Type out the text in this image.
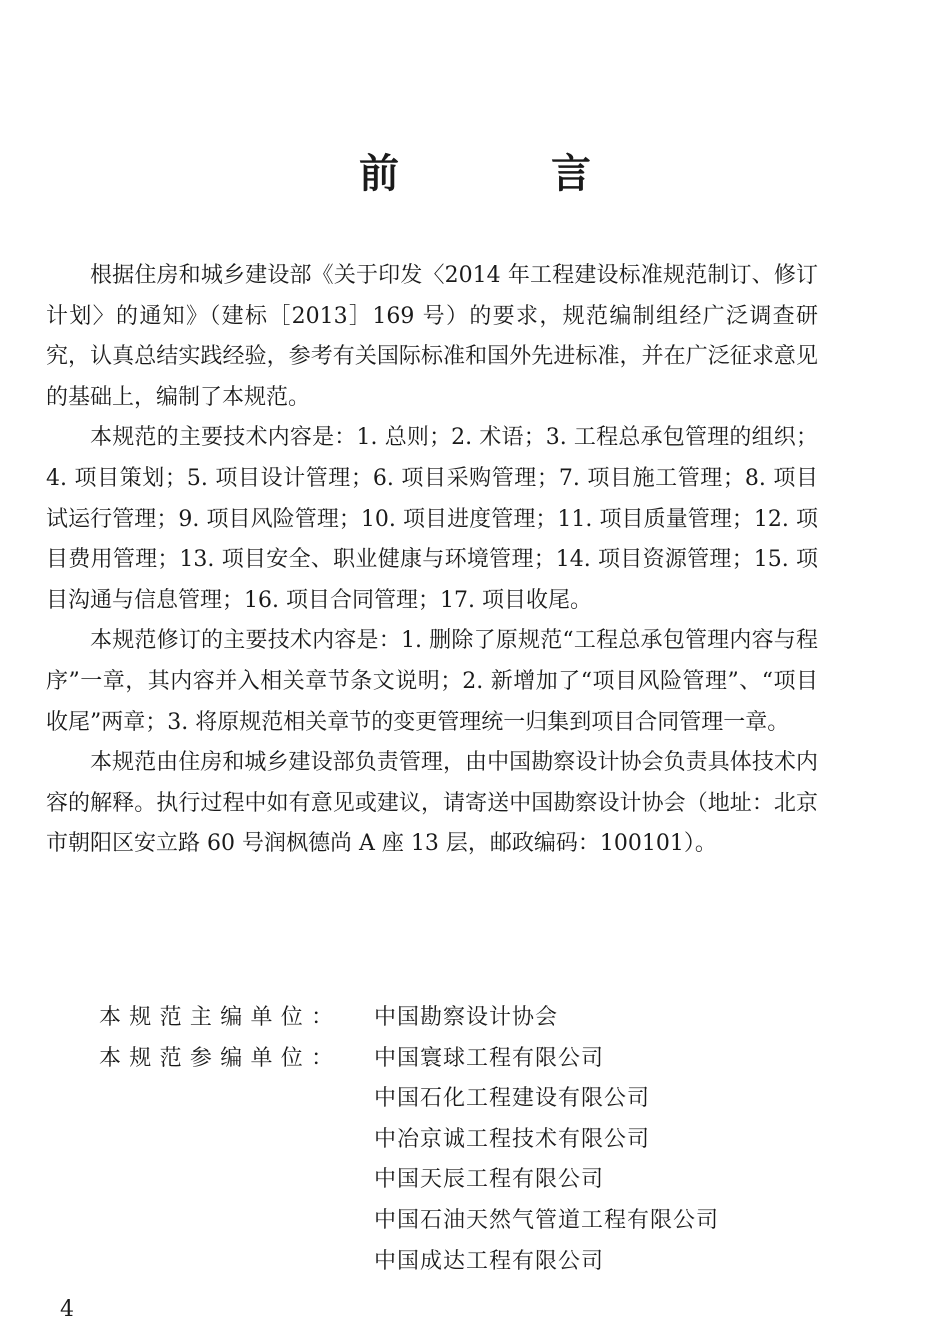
前　言

根据住房和城乡建设部《关于印发〈2014 年工程建设标准规范制订、修订计划〉的通知》（建标［2013］169 号）的要求，规范编制组经广泛调查研究，认真总结实践经验，参考有关国际标准和国外先进标准，并在广泛征求意见的基础上，编制了本规范。

本规范的主要技术内容是：1. 总则；2. 术语；3. 工程总承包管理的组织；4. 项目策划；5. 项目设计管理；6. 项目采购管理；7. 项目施工管理；8. 项目试运行管理；9. 项目风险管理；10. 项目进度管理；11. 项目质量管理；12. 项目费用管理；13. 项目安全、职业健康与环境管理；14. 项目资源管理；15. 项目沟通与信息管理；16. 项目合同管理；17. 项目收尾。

本规范修订的主要技术内容是：1. 删除了原规范“工程总承包管理内容与程序”一章，其内容并入相关章节条文说明；2. 新增加了“项目风险管理”、“项目收尾”两章；3. 将原规范相关章节的变更管理统一归集到项目合同管理一章。

本规范由住房和城乡建设部负责管理，由中国勘察设计协会负责具体技术内容的解释。执行过程中如有意见或建议，请寄送中国勘察设计协会（地址：北京市朝阳区安立路 60 号润枫德尚 A 座 13 层，邮政编码：100101）。

本规范主编单位：	中国勘察设计协会
本规范参编单位：	中国寰球工程有限公司
中国石化工程建设有限公司
中冶京诚工程技术有限公司
中国天辰工程有限公司
中国石油天然气管道工程有限公司
中国成达工程有限公司
4
